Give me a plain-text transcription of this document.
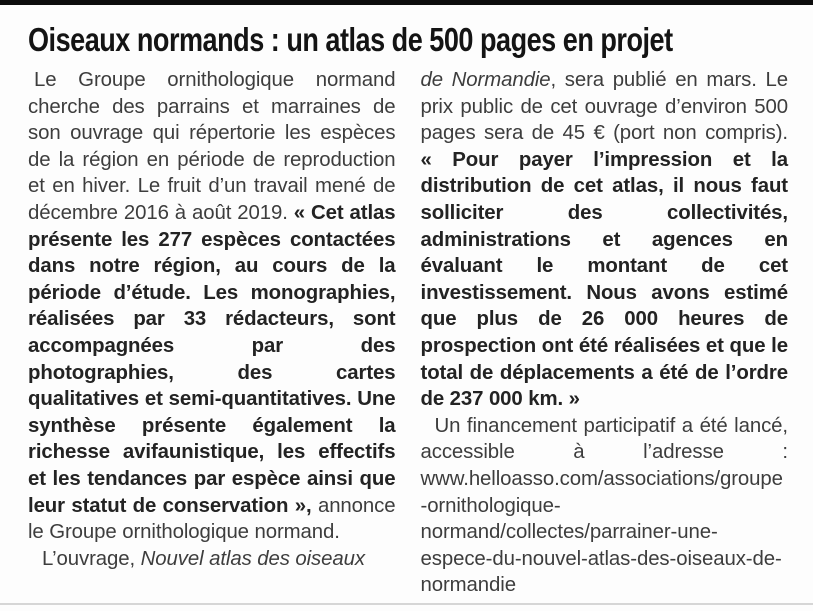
Oiseaux normands : un atlas de 500 pages en projet

Le Groupe ornithologique normand cherche des parrains et marraines de son ouvrage qui répertorie les espèces de la région en période de reproduction et en hiver. Le fruit d’un travail mené de décembre 2016 à août 2019. « Cet atlas présente les 277 espèces contactées dans notre région, au cours de la période d’étude. Les monographies, réalisées par 33 rédacteurs, sont accompagnées par des photographies, des cartes qualitatives et semi-quantitatives. Une synthèse présente également la richesse avifaunistique, les effectifs et les tendances par espèce ainsi que leur statut de conservation », annonce le Groupe ornithologique normand.

L’ouvrage, Nouvel atlas des oiseaux

de Normandie, sera publié en mars. Le prix public de cet ouvrage d’environ 500 pages sera de 45 € (port non compris). « Pour payer l’impression et la distribution de cet atlas, il nous faut solliciter des collectivités, administrations et agences en évaluant le montant de cet investissement. Nous avons estimé que plus de 26 000 heures de prospection ont été réalisées et que le total de déplacements a été de l’ordre de 237 000 km. »

Un financement participatif a été lancé, accessible à l’adresse : www.helloasso.com/associations/groupe-ornithologique-normand/collectes/parrainer-une-espece-du-nouvel-atlas-des-oiseaux-de-normandie
